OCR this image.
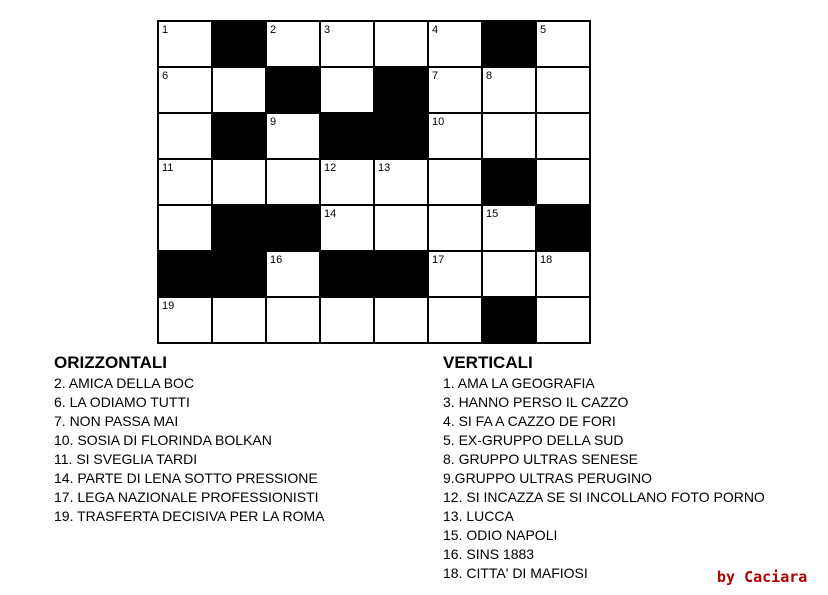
1	2	3	4	5
6	7	8
9	10
11	12	13
14	15
16	17	18
19
ORIZZONTALI
2. AMICA DELLA BOC
6. LA ODIAMO TUTTI
7. NON PASSA MAI
10. SOSIA DI FLORINDA BOLKAN
11. SI SVEGLIA TARDI
14. PARTE DI LENA SOTTO PRESSIONE
17. LEGA NAZIONALE PROFESSIONISTI
19. TRASFERTA DECISIVA PER LA ROMA
VERTICALI
1. AMA LA GEOGRAFIA
3. HANNO PERSO IL CAZZO
4. SI FA A CAZZO DE FORI
5. EX-GRUPPO DELLA SUD
8. GRUPPO ULTRAS SENESE
9.GRUPPO ULTRAS PERUGINO
12. SI INCAZZA SE SI INCOLLANO FOTO PORNO
13. LUCCA
15. ODIO NAPOLI
16. SINS 1883
18. CITTA' DI MAFIOSI	by Caciara
